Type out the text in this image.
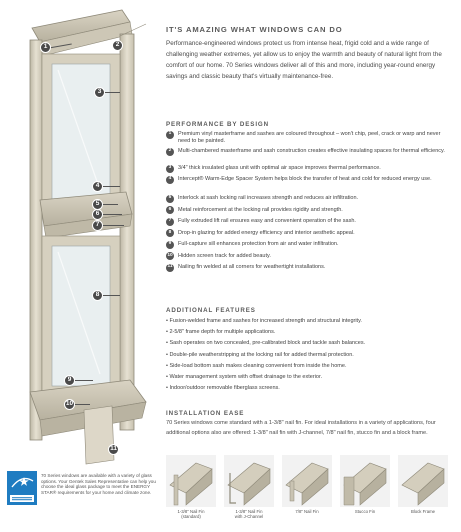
1
3
2
4
5
6
7
8
9
10
11
70 Series windows are available with a variety of glass options. Your Gentek Sales Representative can help you choose the ideal glass package to meet the ENERGY STAR® requirements for your home and climate zone.
IT'S AMAZING WHAT WINDOWS CAN DO
Performance-engineered windows protect us from intense heat, frigid cold and a wide range of challenging weather extremes, yet allow us to enjoy the warmth and beauty of natural light from the comfort of our home. 70 Series windows deliver all of this and more, including year-round energy savings and classic beauty that's virtually maintenance-free.
PERFORMANCE BY DESIGN
1	Premium vinyl masterframe and sashes are coloured throughout – won't chip, peel, crack or warp and never need to be painted.
2	Multi-chambered masterframe and sash construction creates effective insulating spaces for thermal efficiency.
3	3/4" thick insulated glass unit with optimal air space improves thermal performance.
4	Intercept® Warm-Edge Spacer System helps block the transfer of heat and cold for reduced energy use.
5	Interlock at sash locking rail increases strength and reduces air infiltration.
6	Metal reinforcement at the locking rail provides rigidity and strength.
7	Fully extruded lift rail ensures easy and convenient operation of the sash.
8	Drop-in glazing for added energy efficiency and interior aesthetic appeal.
9	Full-capture sill enhances protection from air and water infiltration.
10 Hidden screen track for added beauty.
11 Nailing fin welded at all corners for weathertight installations.
ADDITIONAL FEATURES
• Fusion-welded frame and sashes for increased strength and structural integrity.
• 2-5/8" frame depth for multiple applications.
• Sash operates on two concealed, pre-calibrated block and tackle sash balances.
• Double-pile weatherstripping at the locking rail for added thermal protection.
• Side-load bottom sash makes cleaning convenient from inside the home.
• Water management system with offset drainage to the exterior.
• Indoor/outdoor removable fiberglass screens.
INSTALLATION EASE
70 Series windows come standard with a 1-3/8" nail fin. For ideal installations in a variety of applications, four additional options also are offered: 1-3/8" nail fin with J-channel, 7/8" nail fin, stucco fin and a block frame.
1-3/8" Nail Fin
(standard)
1-3/8" Nail Fin
with J-Channel
7/8" Nail Fin	Stucco Fin	Block Frame
